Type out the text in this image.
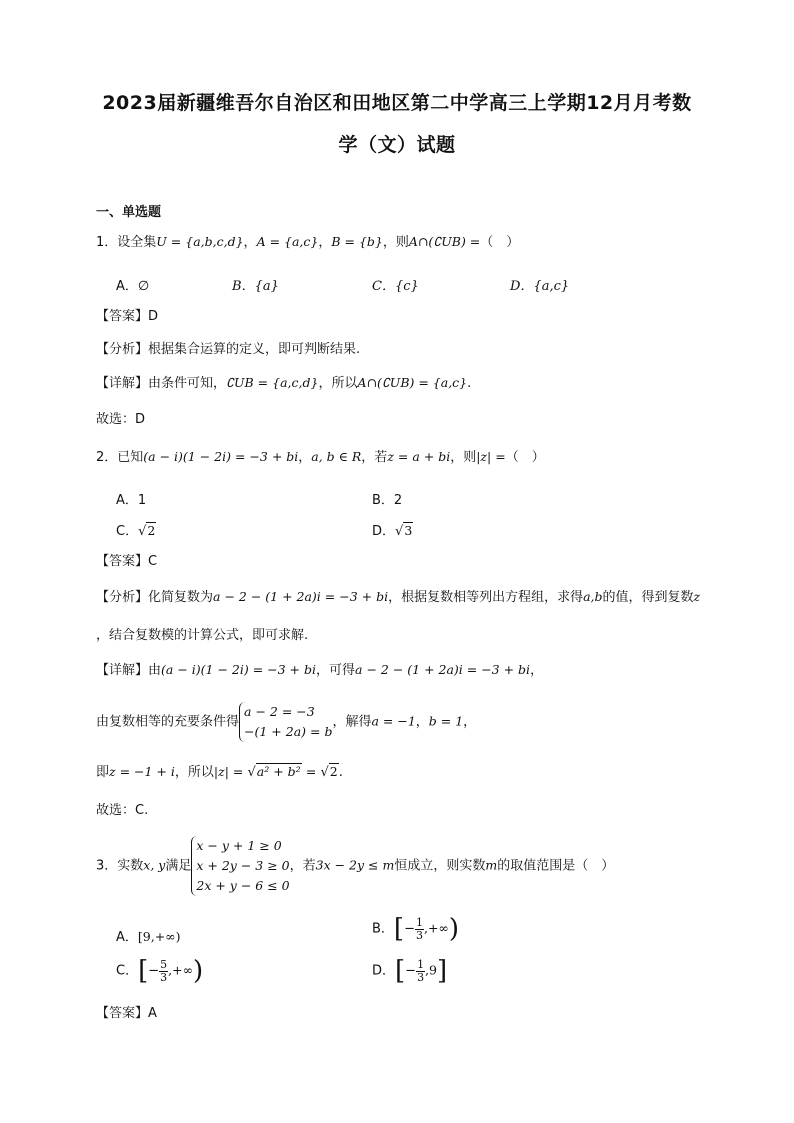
2023届新疆维吾尔自治区和田地区第二中学高三上学期12月月考数
学（文）试题
一、单选题
1．设全集U = {a,b,c,d}，A = {a,c}，B = {b}，则A∩(∁UB) =（　）
A．∅	B．{a}	C．{c}	D．{a,c}
【答案】D
【分析】根据集合运算的定义，即可判断结果.
【详解】由条件可知，∁UB = {a,c,d}，所以A∩(∁UB) = {a,c}.
故选：D
2．已知(a − i)(1 − 2i) = −3 + bi，a, b ∈ R，若z = a + bi，则|z| =（　）
A．1	B．2
C．√2	D．√3
【答案】C
【分析】化简复数为a − 2 − (1 + 2a)i = −3 + bi，根据复数相等列出方程组，求得a,b的值，得到复数z
，结合复数模的计算公式，即可求解.
【详解】由(a − i)(1 − 2i) = −3 + bi，可得a − 2 − (1 + 2a)i = −3 + bi，
由复数相等的充要条件得
a − 2 = −3
−(1 + 2a) = b
，解得a = −1，b = 1，
即z = −1 + i，所以|z| = √a² + b² = √2.
故选：C.
3．实数x, y满足
x − y + 1 ≥ 0
x + 2y − 3 ≥ 0
2x + y − 6 ≤ 0
，若3x − 2y ≤ m恒成立，则实数m的取值范围是（　）
A．[9,+∞)	B．[− $\frac{1}{3}$ ,+∞)
C．[− $\frac{5}{3}$ ,+∞)	D．[− $\frac{1}{3} ,9$]
【答案】A
